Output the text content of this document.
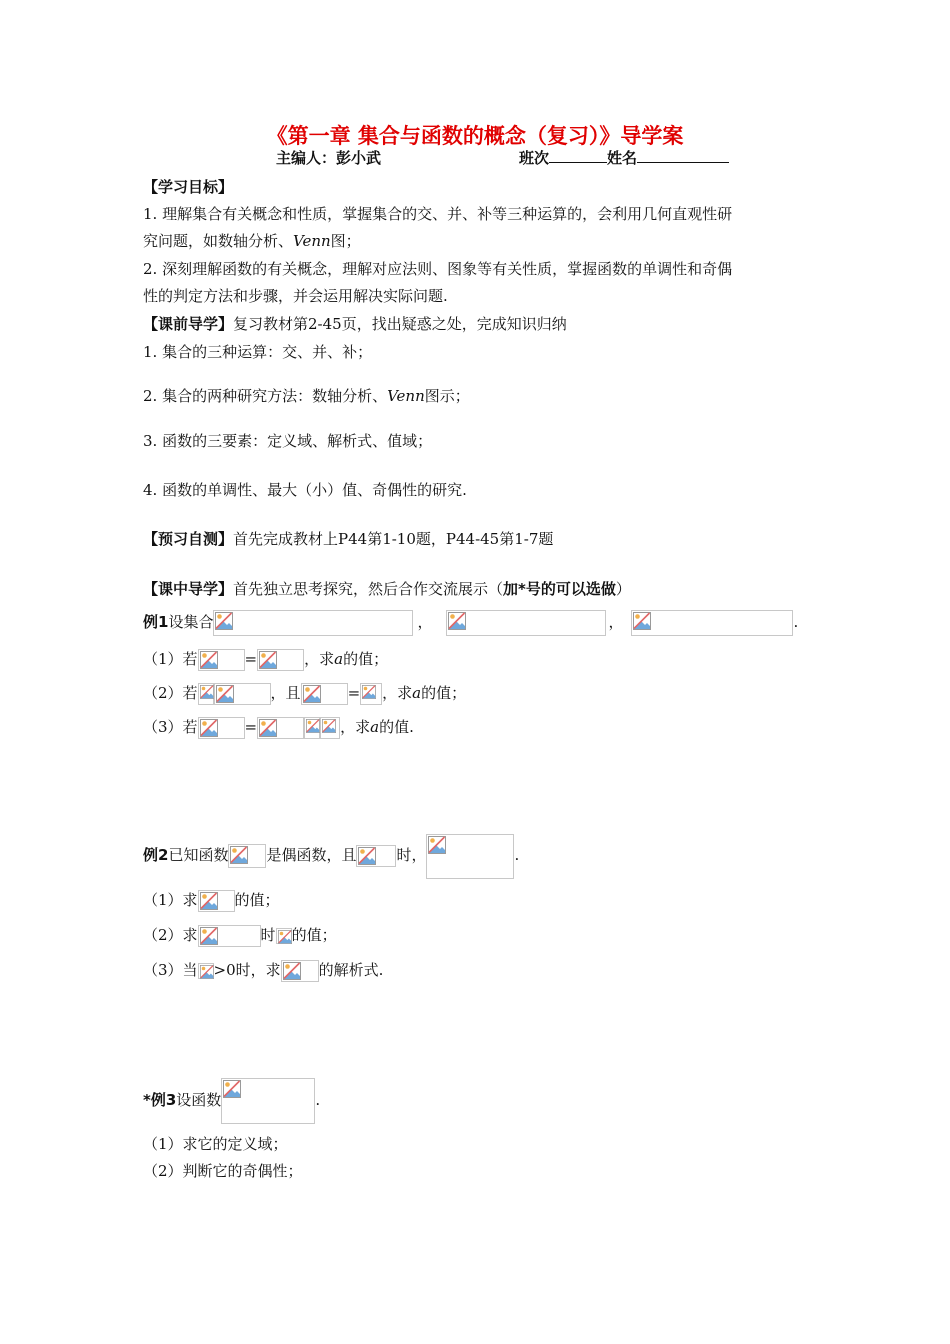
《第一章 集合与函数的概念（复习）》导学案
主编人：彭小武	班次	姓名
【学习目标】
1. 理解集合有关概念和性质，掌握集合的交、并、补等三种运算的，会利用几何直观性研
究问题，如数轴分析、Venn图；
2. 深刻理解函数的有关概念，理解对应法则、图象等有关性质，掌握函数的单调性和奇偶
性的判定方法和步骤，并会运用解决实际问题.
【课前导学】复习教材第2-45页，找出疑惑之处，完成知识归纳
1. 集合的三种运算：交、并、补；
2. 集合的两种研究方法：数轴分析、Venn图示；
3. 函数的三要素：定义域、解析式、值域；
4. 函数的单调性、最大（小）值、奇偶性的研究.
【预习自测】首先完成教材上P44第1-10题，P44-45第1-7题
【课中导学】首先独立思考探究，然后合作交流展示（加*号的可以选做）
例1设集合	，	，	.
（1）若	=	，求a的值；
（2）若	，且	= ，求a的值；
（3）若	=	，求a的值.
例2已知函数	是偶函数，且	时，	.
（1）求 的值；
（2）求	时 的值；
（3）当 >0时，求	的解析式.
*例3设函数	.
（1）求它的定义域；
（2）判断它的奇偶性；
